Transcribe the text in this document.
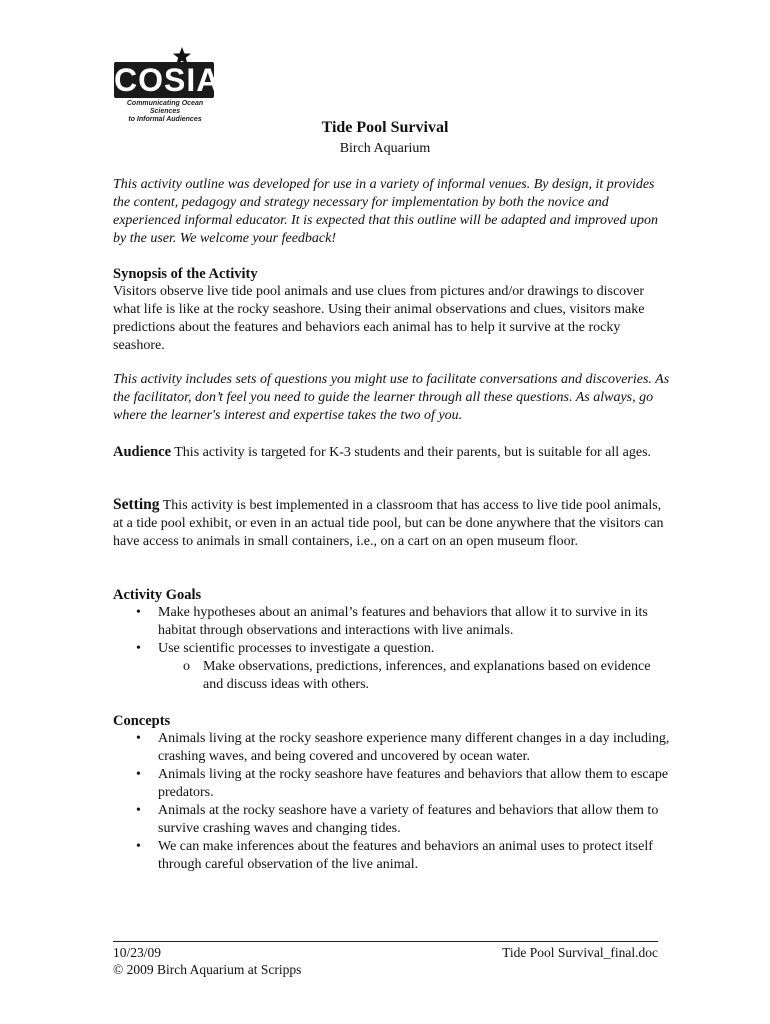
COSIA
Communicating Ocean Sciences
to Informal Audiences	Tide Pool Survival
Birch Aquarium
This activity outline was developed for use in a variety of informal venues. By design, it provides the content, pedagogy and strategy necessary for implementation by both the novice and experienced informal educator. It is expected that this outline will be adapted and improved upon by the user. We welcome your feedback!
Synopsis of the Activity
Visitors observe live tide pool animals and use clues from pictures and/or drawings to discover what life is like at the rocky seashore. Using their animal observations and clues, visitors make predictions about the features and behaviors each animal has to help it survive at the rocky seashore.
This activity includes sets of questions you might use to facilitate conversations and discoveries. As the facilitator, don’t feel you need to guide the learner through all these questions. As always, go where the learner's interest and expertise takes the two of you.
Audience This activity is targeted for K-3 students and their parents, but is suitable for all ages.
Setting This activity is best implemented in a classroom that has access to live tide pool animals, at a tide pool exhibit, or even in an actual tide pool, but can be done anywhere that the visitors can have access to animals in small containers, i.e., on a cart on an open museum floor.
Activity Goals
• Make hypotheses about an animal’s features and behaviors that allow it to survive in its habitat through observations and interactions with live animals.
• Use scientific processes to investigate a question.
o Make observations, predictions, inferences, and explanations based on evidence and discuss ideas with others.
Concepts
• Animals living at the rocky seashore experience many different changes in a day including, crashing waves, and being covered and uncovered by ocean water.
• Animals living at the rocky seashore have features and behaviors that allow them to escape predators.
• Animals at the rocky seashore have a variety of features and behaviors that allow them to survive crashing waves and changing tides.
• We can make inferences about the features and behaviors an animal uses to protect itself through careful observation of the live animal.
10/23/09
© 2009 Birch Aquarium at Scripps
Tide Pool Survival_final.doc
